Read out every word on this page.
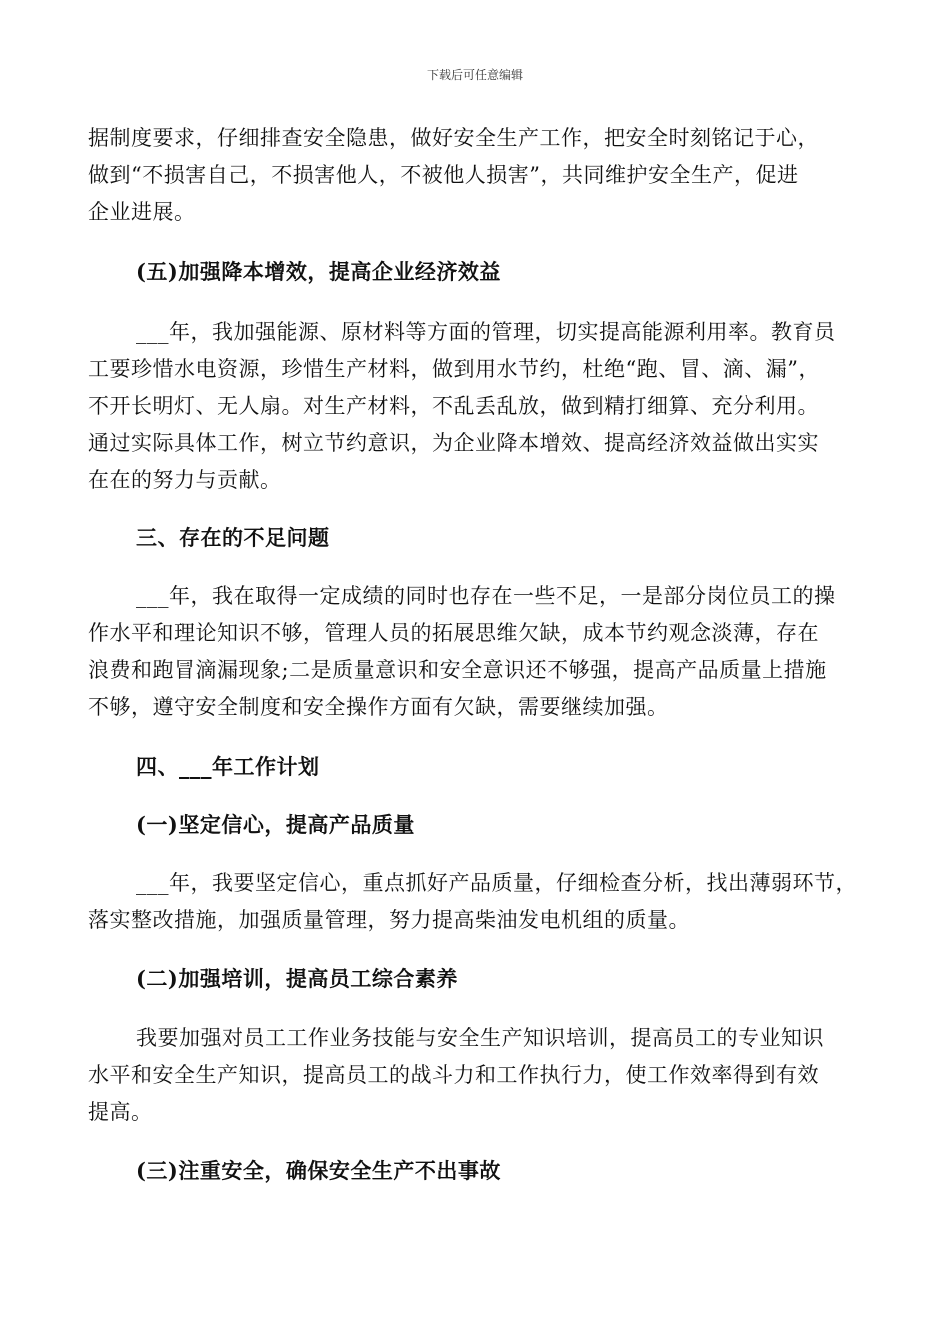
下载后可任意编辑
据制度要求，仔细排查安全隐患，做好安全生产工作，把安全时刻铭记于心，
做到“不损害自己，不损害他人，不被他人损害”，共同维护安全生产，促进
企业进展。
(五)加强降本增效，提高企业经济效益
___年，我加强能源、原材料等方面的管理，切实提高能源利用率。教育员
工要珍惜水电资源，珍惜生产材料，做到用水节约，杜绝“跑、冒、滴、漏”，
不开长明灯、无人扇。对生产材料，不乱丢乱放，做到精打细算、充分利用。
通过实际具体工作，树立节约意识，为企业降本增效、提高经济效益做出实实
在在的努力与贡献。
三、存在的不足问题
___年，我在取得一定成绩的同时也存在一些不足，一是部分岗位员工的操
作水平和理论知识不够，管理人员的拓展思维欠缺，成本节约观念淡薄，存在
浪费和跑冒滴漏现象;二是质量意识和安全意识还不够强，提高产品质量上措施
不够，遵守安全制度和安全操作方面有欠缺，需要继续加强。
四、___年工作计划
(一)坚定信心，提高产品质量
___年，我要坚定信心，重点抓好产品质量，仔细检查分析，找出薄弱环节，
落实整改措施，加强质量管理，努力提高柴油发电机组的质量。
(二)加强培训，提高员工综合素养
我要加强对员工工作业务技能与安全生产知识培训，提高员工的专业知识
水平和安全生产知识，提高员工的战斗力和工作执行力，使工作效率得到有效
提高。
(三)注重安全，确保安全生产不出事故
